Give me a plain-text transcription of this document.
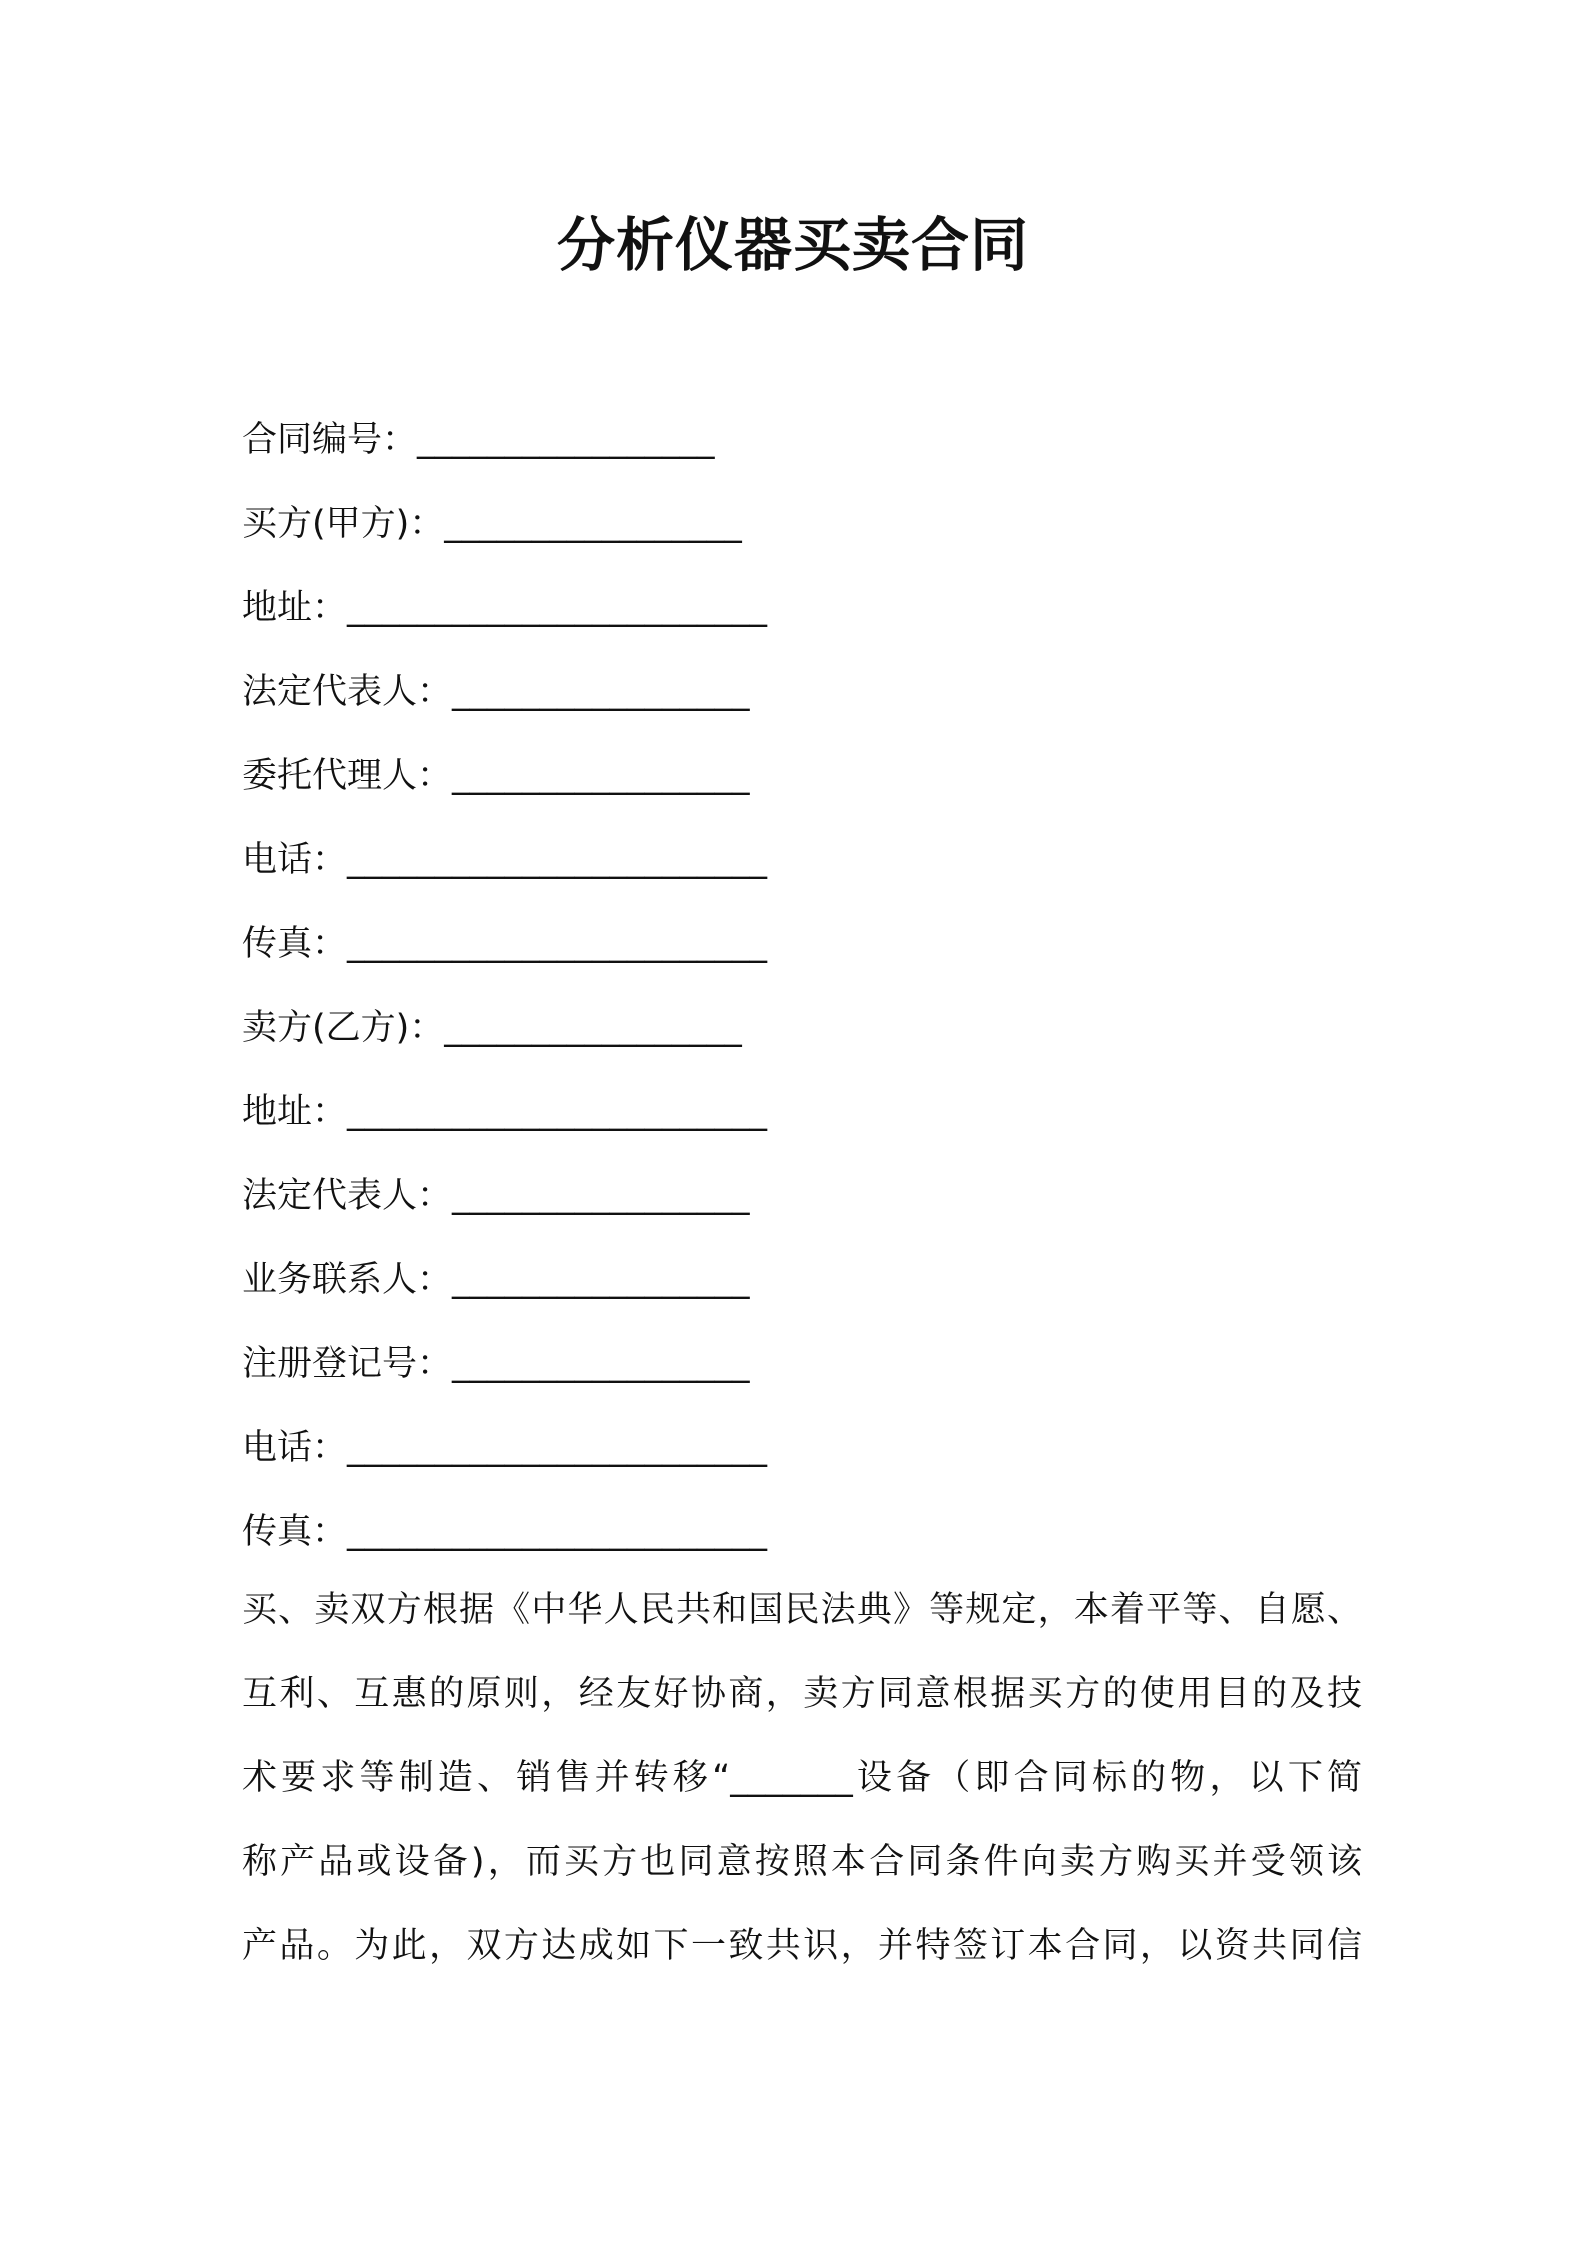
分析仪器买卖合同
合同编号：_________________
买方(甲方)：_________________
地址：________________________
法定代表人：_________________
委托代理人：_________________
电话：________________________
传真：________________________
卖方(乙方)：_________________
地址：________________________
法定代表人：_________________
业务联系人：_________________
注册登记号：_________________
电话：________________________
传真：________________________
买、卖双方根据《中华人民共和国民法典》等规定，本着平等、自愿、
互利、互惠的原则，经友好协商，卖方同意根据买方的使用目的及技
术要求等制造、销售并转移“_______设备（即合同标的物，以下简
称产品或设备)，而买方也同意按照本合同条件向卖方购买并受领该
产品。为此，双方达成如下一致共识，并特签订本合同，以资共同信
